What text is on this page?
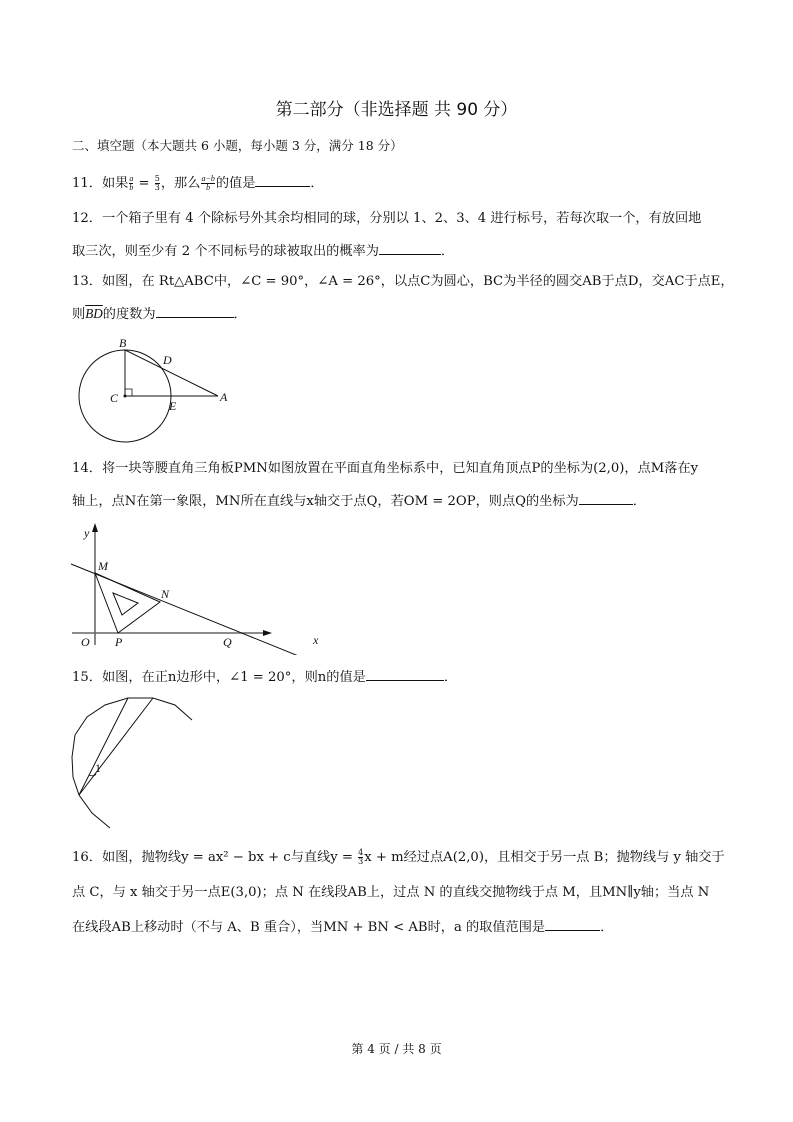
第二部分（非选择题 共 90 分）
二、填空题（本大题共 6 小题，每小题 3 分，满分 18 分）
11．如果 $\frac{a}{b} = \frac{5}{3}$ ，那么 $\frac{a-b}{b}$ 的值是	．
12．一个箱子里有 4 个除标号外其余均相同的球，分别以 1、2、3、4 进行标号，若每次取一个，有放回地
取三次，则至少有 2 个不同标号的球被取出的概率为	．
13．如图，在 Rt△ABC中，∠C = 90°，∠A = 26°，以点C为圆心，BC为半径的圆交AB于点D，交AC于点E，
则$\overline{BD}$的度数为	．
B
D
C
E
A
14．将一块等腰直角三角板PMN如图放置在平面直角坐标系中，已知直角顶点P的坐标为(2,0)，点M落在y
轴上，点N在第一象限，MN所在直线与x轴交于点Q，若OM = 2OP，则点Q的坐标为	．
y
M
N
O P	Q	x
15．如图，在正n边形中，∠1 = 20°，则n的值是	．
1
16．如图，抛物线y = ax² − bx + c与直线$y = \frac{4}{3}$ x + m经过点A(2,0)，且相交于另一点 B；抛物线与 y 轴交于
点 C，与 x 轴交于另一点E(3,0)；点 N 在线段AB上，过点 N 的直线交抛物线于点 M，且MN∥y轴；当点 N
在线段AB上移动时（不与 A、B 重合），当MN + BN < AB时，a 的取值范围是	．
第 4 页 / 共 8 页
